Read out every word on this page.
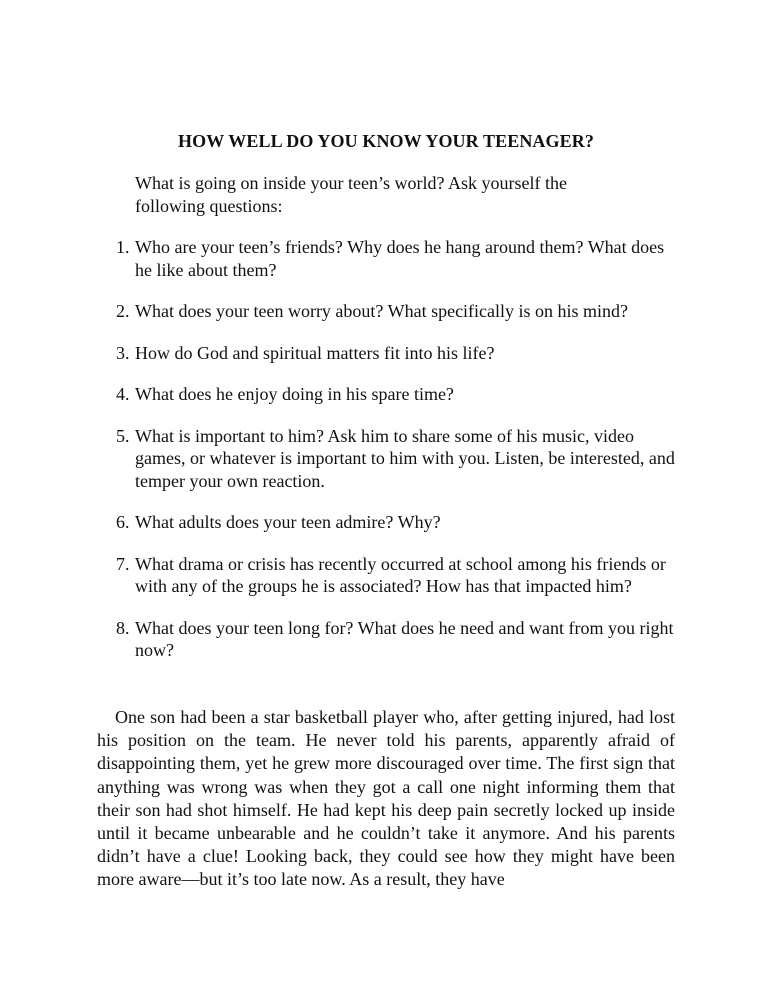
HOW WELL DO YOU KNOW YOUR TEENAGER?
What is going on inside your teen’s world? Ask yourself the following questions:
1. Who are your teen’s friends? Why does he hang around them? What does he like about them?
2. What does your teen worry about? What specifically is on his mind?
3. How do God and spiritual matters fit into his life?
4. What does he enjoy doing in his spare time?
5. What is important to him? Ask him to share some of his music, video games, or whatever is important to him with you. Listen, be interested, and temper your own reaction.
6. What adults does your teen admire? Why?
7. What drama or crisis has recently occurred at school among his friends or with any of the groups he is associated? How has that impacted him?
8. What does your teen long for? What does he need and want from you right now?

One son had been a star basketball player who, after getting injured, had lost his position on the team. He never told his parents, apparently afraid of disappointing them, yet he grew more discouraged over time. The first sign that anything was wrong was when they got a call one night informing them that their son had shot himself. He had kept his deep pain secretly locked up inside until it became unbearable and he couldn’t take it anymore. And his parents didn’t have a clue! Looking back, they could see how they might have been more aware—but it’s too late now. As a result, they have
